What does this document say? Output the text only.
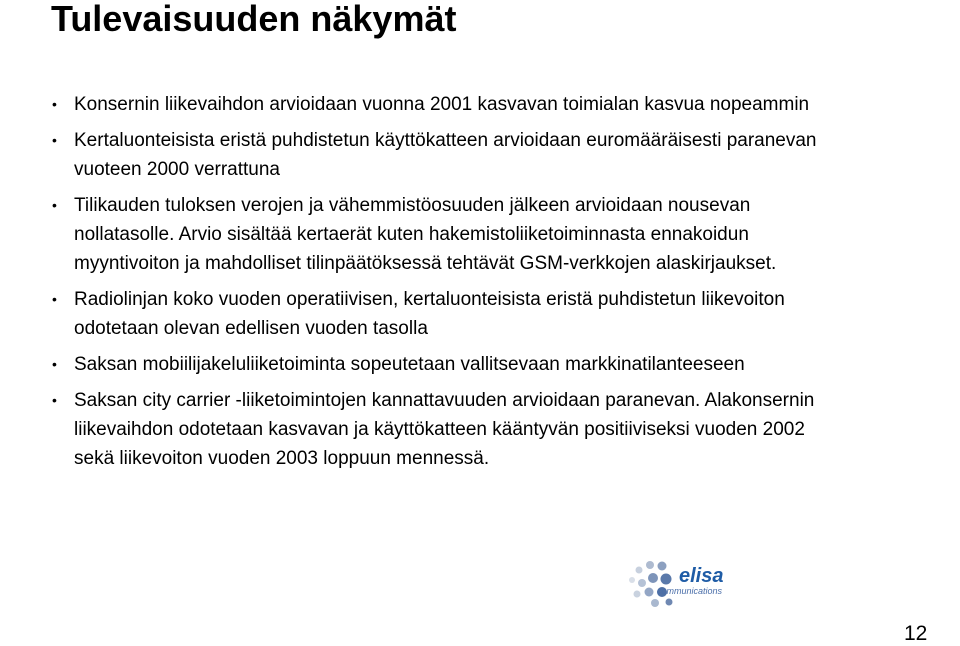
Tulevaisuuden näkymät
• Konsernin liikevaihdon arvioidaan vuonna 2001 kasvavan toimialan kasvua nopeammin
• Kertaluonteisista eristä puhdistetun käyttökatteen arvioidaan euromääräisesti paranevan
vuoteen 2000 verrattuna
• Tilikauden tuloksen verojen ja vähemmistöosuuden jälkeen arvioidaan nousevan
nollatasolle. Arvio sisältää kertaerät kuten hakemistoliiketoiminnasta ennakoidun
myyntivoiton ja mahdolliset tilinpäätöksessä tehtävät GSM-verkkojen alaskirjaukset.
• Radiolinjan koko vuoden operatiivisen, kertaluonteisista eristä puhdistetun liikevoiton
odotetaan olevan edellisen vuoden tasolla
• Saksan mobiilijakeluliiketoiminta sopeutetaan vallitsevaan markkinatilanteeseen
• Saksan city carrier -liiketoimintojen kannattavuuden arvioidaan paranevan. Alakonsernin
liikevaihdon odotetaan kasvavan ja käyttökatteen kääntyvän positiiviseksi vuoden 2002
sekä liikevoiton vuoden 2003 loppuun mennessä.
elisa
communications
12
